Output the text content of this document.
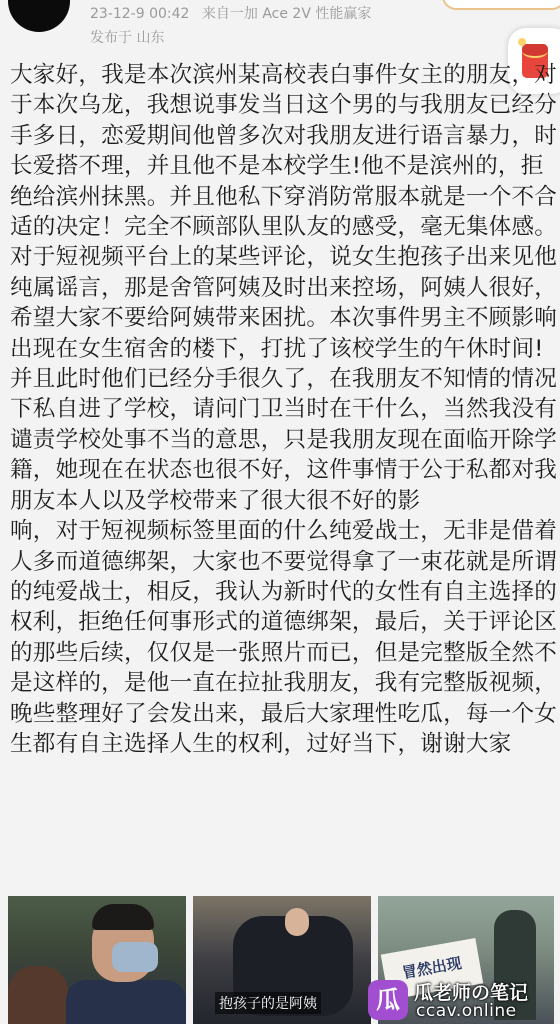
23-12-9 00:42 来自一加 Ace 2V 性能赢家
发布于 山东

大家好，我是本次滨州某高校表白事件女主的朋友，对于本次乌龙，我想说事发当日这个男的与我朋友已经分手多日，恋爱期间他曾多次对我朋友进行语言暴力，时长爱搭不理，并且他不是本校学生!他不是滨州的，拒绝给滨州抹黑。并且他私下穿消防常服本就是一个不合适的决定！完全不顾部队里队友的感受，毫无集体感。对于短视频平台上的某些评论，说女生抱孩子出来见他纯属谣言，那是舍管阿姨及时出来控场，阿姨人很好，希望大家不要给阿姨带来困扰。本次事件男主不顾影响出现在女生宿舍的楼下，打扰了该校学生的午休时间! 并且此时他们已经分手很久了，在我朋友不知情的情况下私自进了学校，请问门卫当时在干什么，当然我没有谴责学校处事不当的意思，只是我朋友现在面临开除学籍，她现在在状态也很不好，这件事情于公于私都对我朋友本人以及学校带来了很大很不好的影

响，对于短视频标签里面的什么纯爱战士，无非是借着人多而道德绑架，大家也不要觉得拿了一束花就是所谓的纯爱战士，相反，我认为新时代的女性有自主选择的权利，拒绝任何事形式的道德绑架，最后，关于评论区的那些后续，仅仅是一张照片而已，但是完整版全然不是这样的，是他一直在拉扯我朋友，我有完整版视频，晚些整理好了会发出来，最后大家理性吃瓜，每一个女生都有自主选择人生的权利，过好当下，谢谢大家

抱孩子的是阿姨
冒然出现
瓜 瓜老师の笔记
ccav.online
